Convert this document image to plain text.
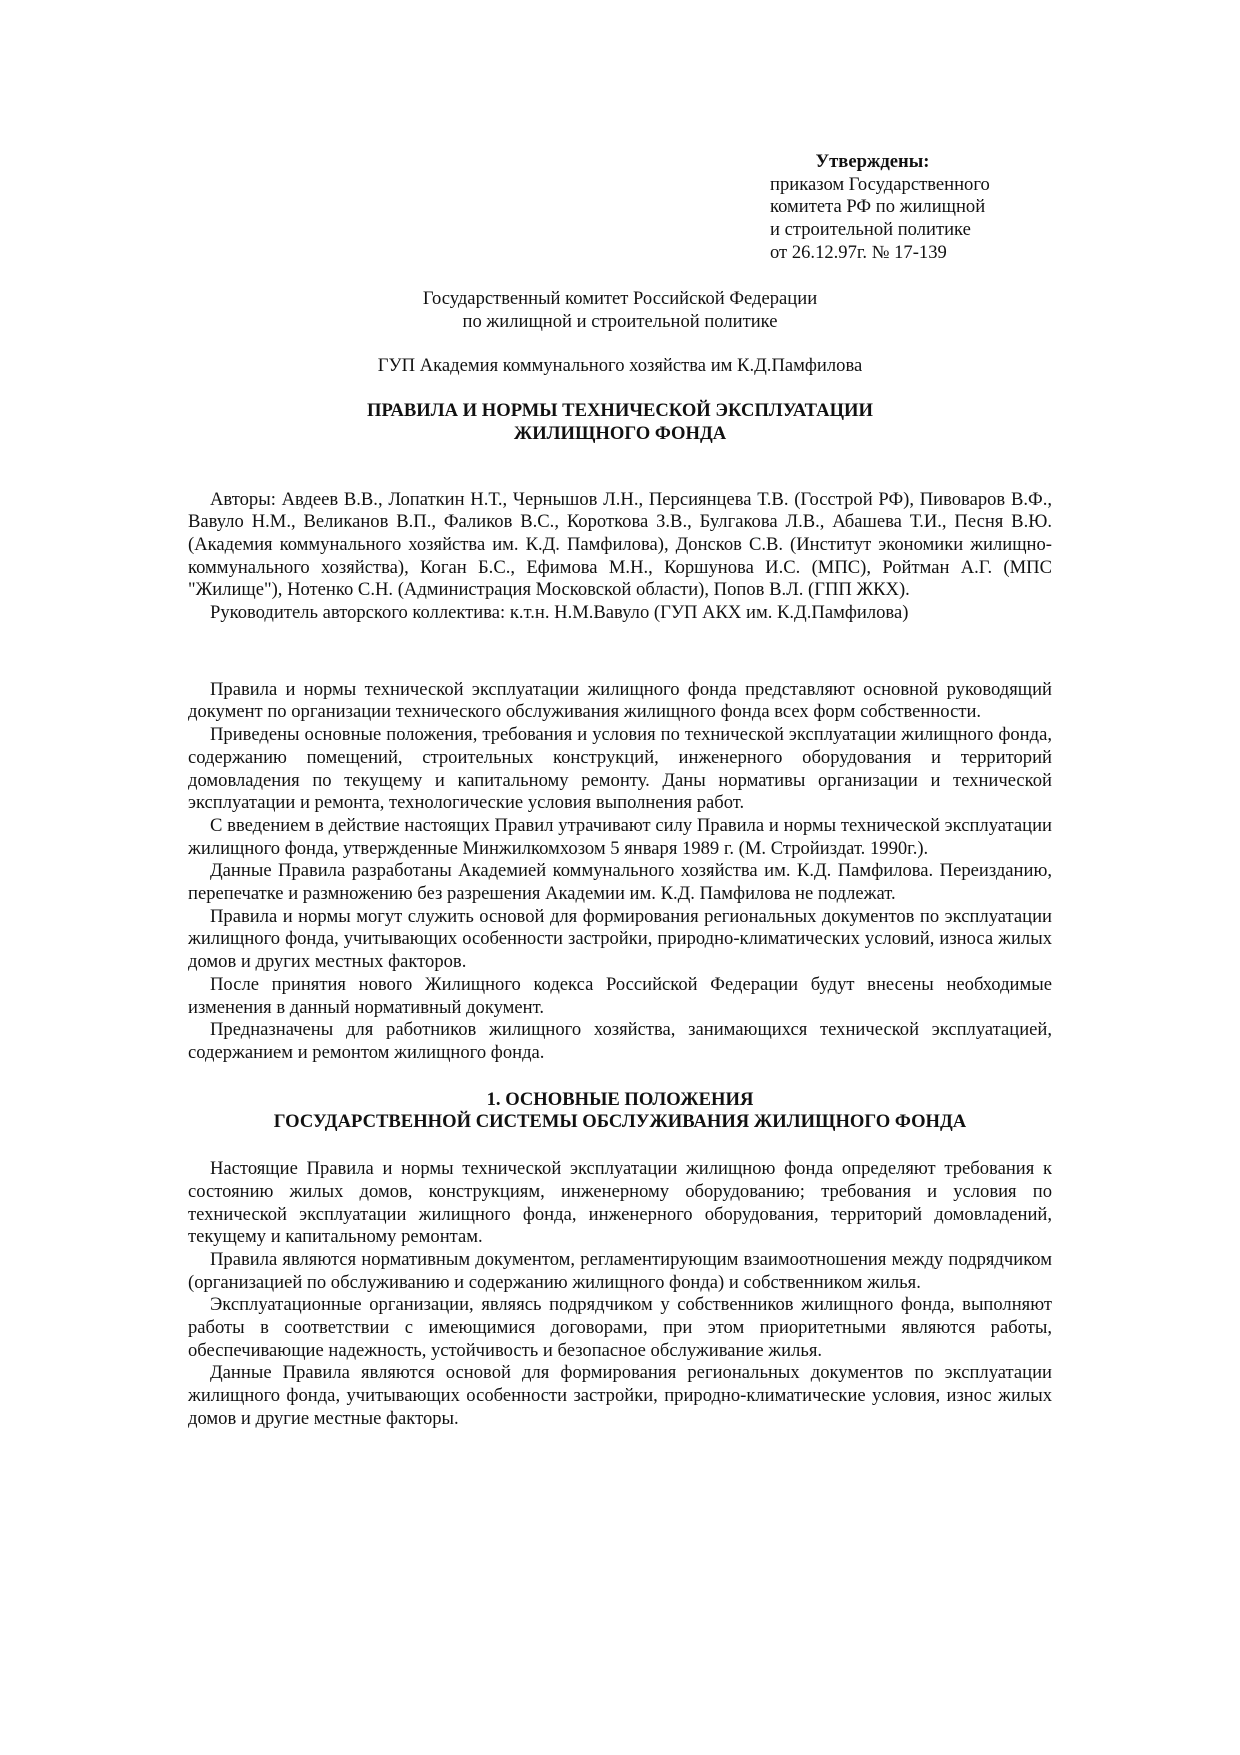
Утверждены:
приказом Государственного
комитета РФ по жилищной
и строительной политике
от 26.12.97г. № 17-139
Государственный комитет Российской Федерации
по жилищной и строительной политике
ГУП Академия коммунального хозяйства им К.Д.Памфилова
ПРАВИЛА И НОРМЫ ТЕХНИЧЕСКОЙ ЭКСПЛУАТАЦИИ
ЖИЛИЩНОГО ФОНДА

Авторы: Авдеев В.В., Лопаткин Н.Т., Чернышов Л.Н., Персиянцева Т.В. (Госстрой РФ), Пивоваров В.Ф., Вавуло Н.М., Великанов В.П., Фаликов В.С., Короткова З.В., Булгакова Л.В., Абашева Т.И., Песня В.Ю. (Академия коммунального хозяйства им. К.Д. Памфилова), Донсков С.В. (Институт экономики жилищно-коммунального хозяйства), Коган Б.С., Ефимова М.Н., Коршунова И.С. (МПС), Ройтман А.Г. (МПС "Жилище"), Нотенко С.Н. (Администрация Московской области), Попов В.Л. (ГПП ЖКХ).

Руководитель авторского коллектива: к.т.н. Н.М.Вавуло (ГУП АКХ им. К.Д.Памфилова)

Правила и нормы технической эксплуатации жилищного фонда представляют основной руководящий документ по организации технического обслуживания жилищного фонда всех форм собственности.

Приведены основные положения, требования и условия по технической эксплуатации жилищного фонда, содержанию помещений, строительных конструкций, инженерного оборудования и территорий домовладения по текущему и капитальному ремонту. Даны нормативы организации и технической эксплуатации и ремонта, технологические условия выполнения работ.

С введением в действие настоящих Правил утрачивают силу Правила и нормы технической эксплуатации жилищного фонда, утвержденные Минжилкомхозом 5 января 1989 г. (М. Стройиздат. 1990г.).

Данные Правила разработаны Академией коммунального хозяйства им. К.Д. Памфилова. Переизданию, перепечатке и размножению без разрешения Академии им. К.Д. Памфилова не подлежат.

Правила и нормы могут служить основой для формирования региональных документов по эксплуатации жилищного фонда, учитывающих особенности застройки, природно-климатических условий, износа жилых домов и других местных факторов.

После принятия нового Жилищного кодекса Российской Федерации будут внесены необходимые изменения в данный нормативный документ.

Предназначены для работников жилищного хозяйства, занимающихся технической эксплуатацией, содержанием и ремонтом жилищного фонда.

1. ОСНОВНЫЕ ПОЛОЖЕНИЯ
ГОСУДАРСТВЕННОЙ СИСТЕМЫ ОБСЛУЖИВАНИЯ ЖИЛИЩНОГО ФОНДА

Настоящие Правила и нормы технической эксплуатации жилищною фонда определяют требования к состоянию жилых домов, конструкциям, инженерному оборудованию; требования и условия по технической эксплуатации жилищного фонда, инженерного оборудования, территорий домовладений, текущему и капитальному ремонтам.

Правила являются нормативным документом, регламентирующим взаимоотношения между подрядчиком (организацией по обслуживанию и содержанию жилищного фонда) и собственником жилья.

Эксплуатационные организации, являясь подрядчиком у собственников жилищного фонда, выполняют работы в соответствии с имеющимися договорами, при этом приоритетными являются работы, обеспечивающие надежность, устойчивость и безопасное обслуживание жилья.

Данные Правила являются основой для формирования региональных документов по эксплуатации жилищного фонда, учитывающих особенности застройки, природно-климатические условия, износ жилых домов и другие местные факторы.
